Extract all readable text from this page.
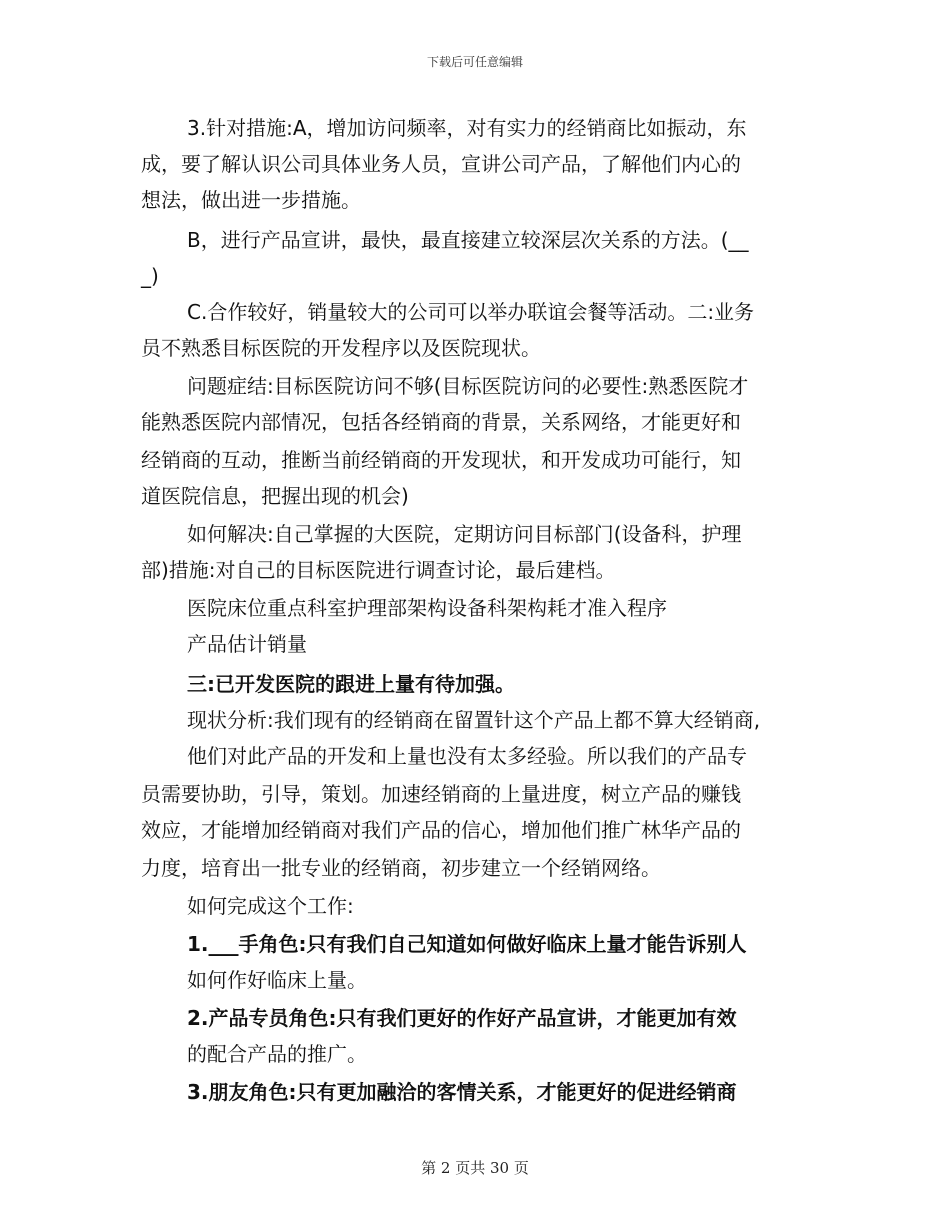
下载后可任意编辑
3.针对措施:A，增加访问频率，对有实力的经销商比如振动，东
成，要了解认识公司具体业务人员，宣讲公司产品，了解他们内心的
想法，做出进一步措施。
B，进行产品宣讲，最快，最直接建立较深层次关系的方法。(__
_)
C.合作较好，销量较大的公司可以举办联谊会餐等活动。二:业务
员不熟悉目标医院的开发程序以及医院现状。
问题症结:目标医院访问不够(目标医院访问的必要性:熟悉医院才
能熟悉医院内部情况，包括各经销商的背景，关系网络，才能更好和
经销商的互动，推断当前经销商的开发现状，和开发成功可能行，知
道医院信息，把握出现的机会)
如何解决:自己掌握的大医院，定期访问目标部门(设备科，护理
部)措施:对自己的目标医院进行调查讨论，最后建档。
医院床位重点科室护理部架构设备科架构耗才准入程序
产品估计销量
三:已开发医院的跟进上量有待加强。
现状分析:我们现有的经销商在留置针这个产品上都不算大经销商,
他们对此产品的开发和上量也没有太多经验。所以我们的产品专
员需要协助，引导，策划。加速经销商的上量进度，树立产品的赚钱
效应，才能增加经销商对我们产品的信心，增加他们推广林华产品的
力度，培育出一批专业的经销商，初步建立一个经销网络。
如何完成这个工作:
1.___手角色:只有我们自己知道如何做好临床上量才能告诉别人
如何作好临床上量。
2.产品专员角色:只有我们更好的作好产品宣讲，才能更加有效
的配合产品的推广。
3.朋友角色:只有更加融洽的客情关系，才能更好的促进经销商
第 2 页共 30 页
